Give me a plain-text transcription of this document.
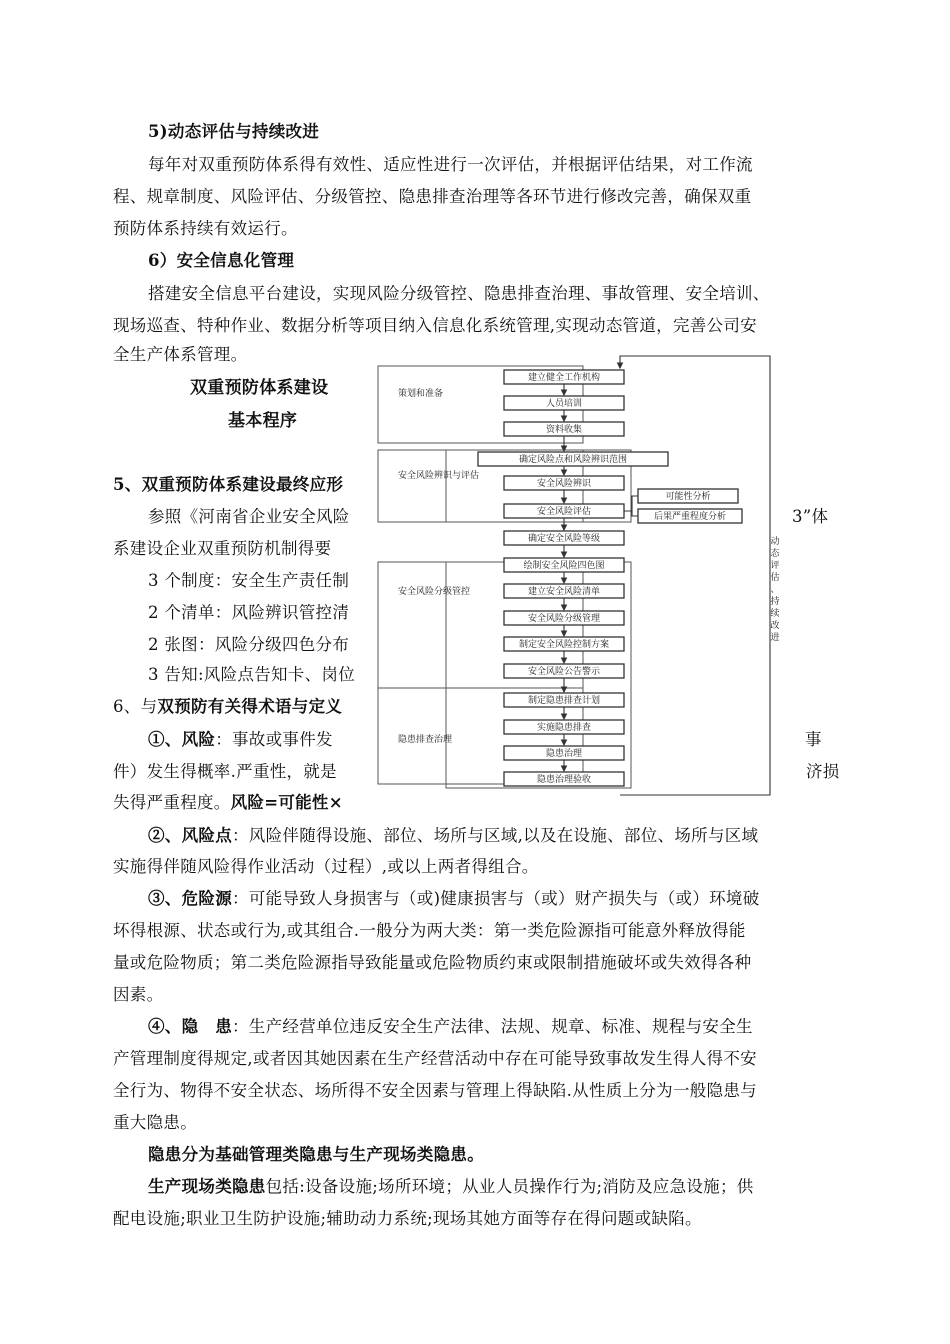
5)动态评估与持续改进
每年对双重预防体系得有效性、适应性进行一次评估，并根据评估结果，对工作流
程、规章制度、风险评估、分级管控、隐患排查治理等各环节进行修改完善，确保双重
预防体系持续有效运行。
6）安全信息化管理
搭建安全信息平台建设，实现风险分级管控、隐患排查治理、事故管理、安全培训、
现场巡查、特种作业、数据分析等项目纳入信息化系统管理,实现动态管道，完善公司安
全生产体系管理。
双重预防体系建设
基本程序
5、双重预防体系建设最终应形
参照《河南省企业安全风险	3”体
系建设企业双重预防机制得要
3 个制度：安全生产责任制
2 个清单：风险辨识管控清
2 张图：风险分级四色分布
3 告知:风险点告知卡、岗位
6、与双预防有关得术语与定义
①、风险：事故或事件发	事
件）发生得概率.严重性，就是	济损
失得严重程度。风险=可能性×
②、风险点：风险伴随得设施、部位、场所与区域,以及在设施、部位、场所与区域
实施得伴随风险得作业活动（过程）,或以上两者得组合。
③、危险源：可能导致人身损害与（或)健康损害与（或）财产损失与（或）环境破
坏得根源、状态或行为,或其组合.一般分为两大类：第一类危险源指可能意外释放得能
量或危险物质；第二类危险源指导致能量或危险物质约束或限制措施破坏或失效得各种
因素。
④、隐　患：生产经营单位违反安全生产法律、法规、规章、标准、规程与安全生
产管理制度得规定,或者因其她因素在生产经营活动中存在可能导致事故发生得人得不安
全行为、物得不安全状态、场所得不安全因素与管理上得缺陷.从性质上分为一般隐患与
重大隐患。
隐患分为基础管理类隐患与生产现场类隐患。
生产现场类隐患包括:设备设施;场所环境；从业人员操作行为;消防及应急设施；供
配电设施;职业卫生防护设施;辅助动力系统;现场其她方面等存在得问题或缺陷。
策划和准备
安全风险辨识与评估
安全风险分级管控
隐患排查治理
建立健全工作机构
人员培训
资料收集
确定风险点和风险辨识范围
安全风险辨识
安全风险评估
确定安全风险等级
绘制安全风险四色图
建立安全风险清单
安全风险分级管理
制定安全风险控制方案
安全风险公告警示
制定隐患排查计划
实施隐患排查
隐患治理
隐患治理验收
可能性分析
后果严重程度分析
动态评估、持续改进
